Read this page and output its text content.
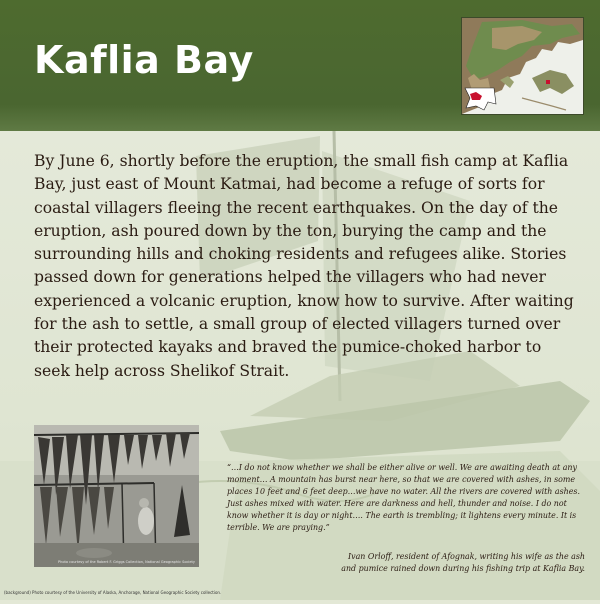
Kaflia Bay
By June 6, shortly before the eruption, the small fish camp at Kaflia Bay, just east of Mount Katmai, had become a refuge of sorts for coastal villagers fleeing the recent earthquakes. On the day of the eruption, ash poured down by the ton, burying the camp and the surrounding hills and choking residents and refugees alike. Stories passed down for generations helped the villagers who had never experienced a volcanic eruption, know how to survive. After waiting for the ash to settle, a small group of elected villagers turned over their protected kayaks and braved the pumice-choked harbor to seek help across Shelikof Strait.
Photo courtesy of the Robert F. Griggs Collection, National Geographic Society
“…I do not know whether we shall be either alive or well. We are awaiting death at any moment… A mountain has burst near here, so that we are covered with ashes, in some places 10 feet and 6 feet deep…we have no water. All the rivers are covered with ashes. Just ashes mixed with water. Here are darkness and hell, thunder and noise. I do not know whether it is day or night…. The earth is trembling; it lightens every minute. It is terrible. We are praying.”
Ivan Orloff, resident of Afognak, writing his wife as the ash
and pumice rained down during his fishing trip at Kaflia Bay.
(background) Photo courtesy of the University of Alaska, Anchorage, National Geographic Society collection.
